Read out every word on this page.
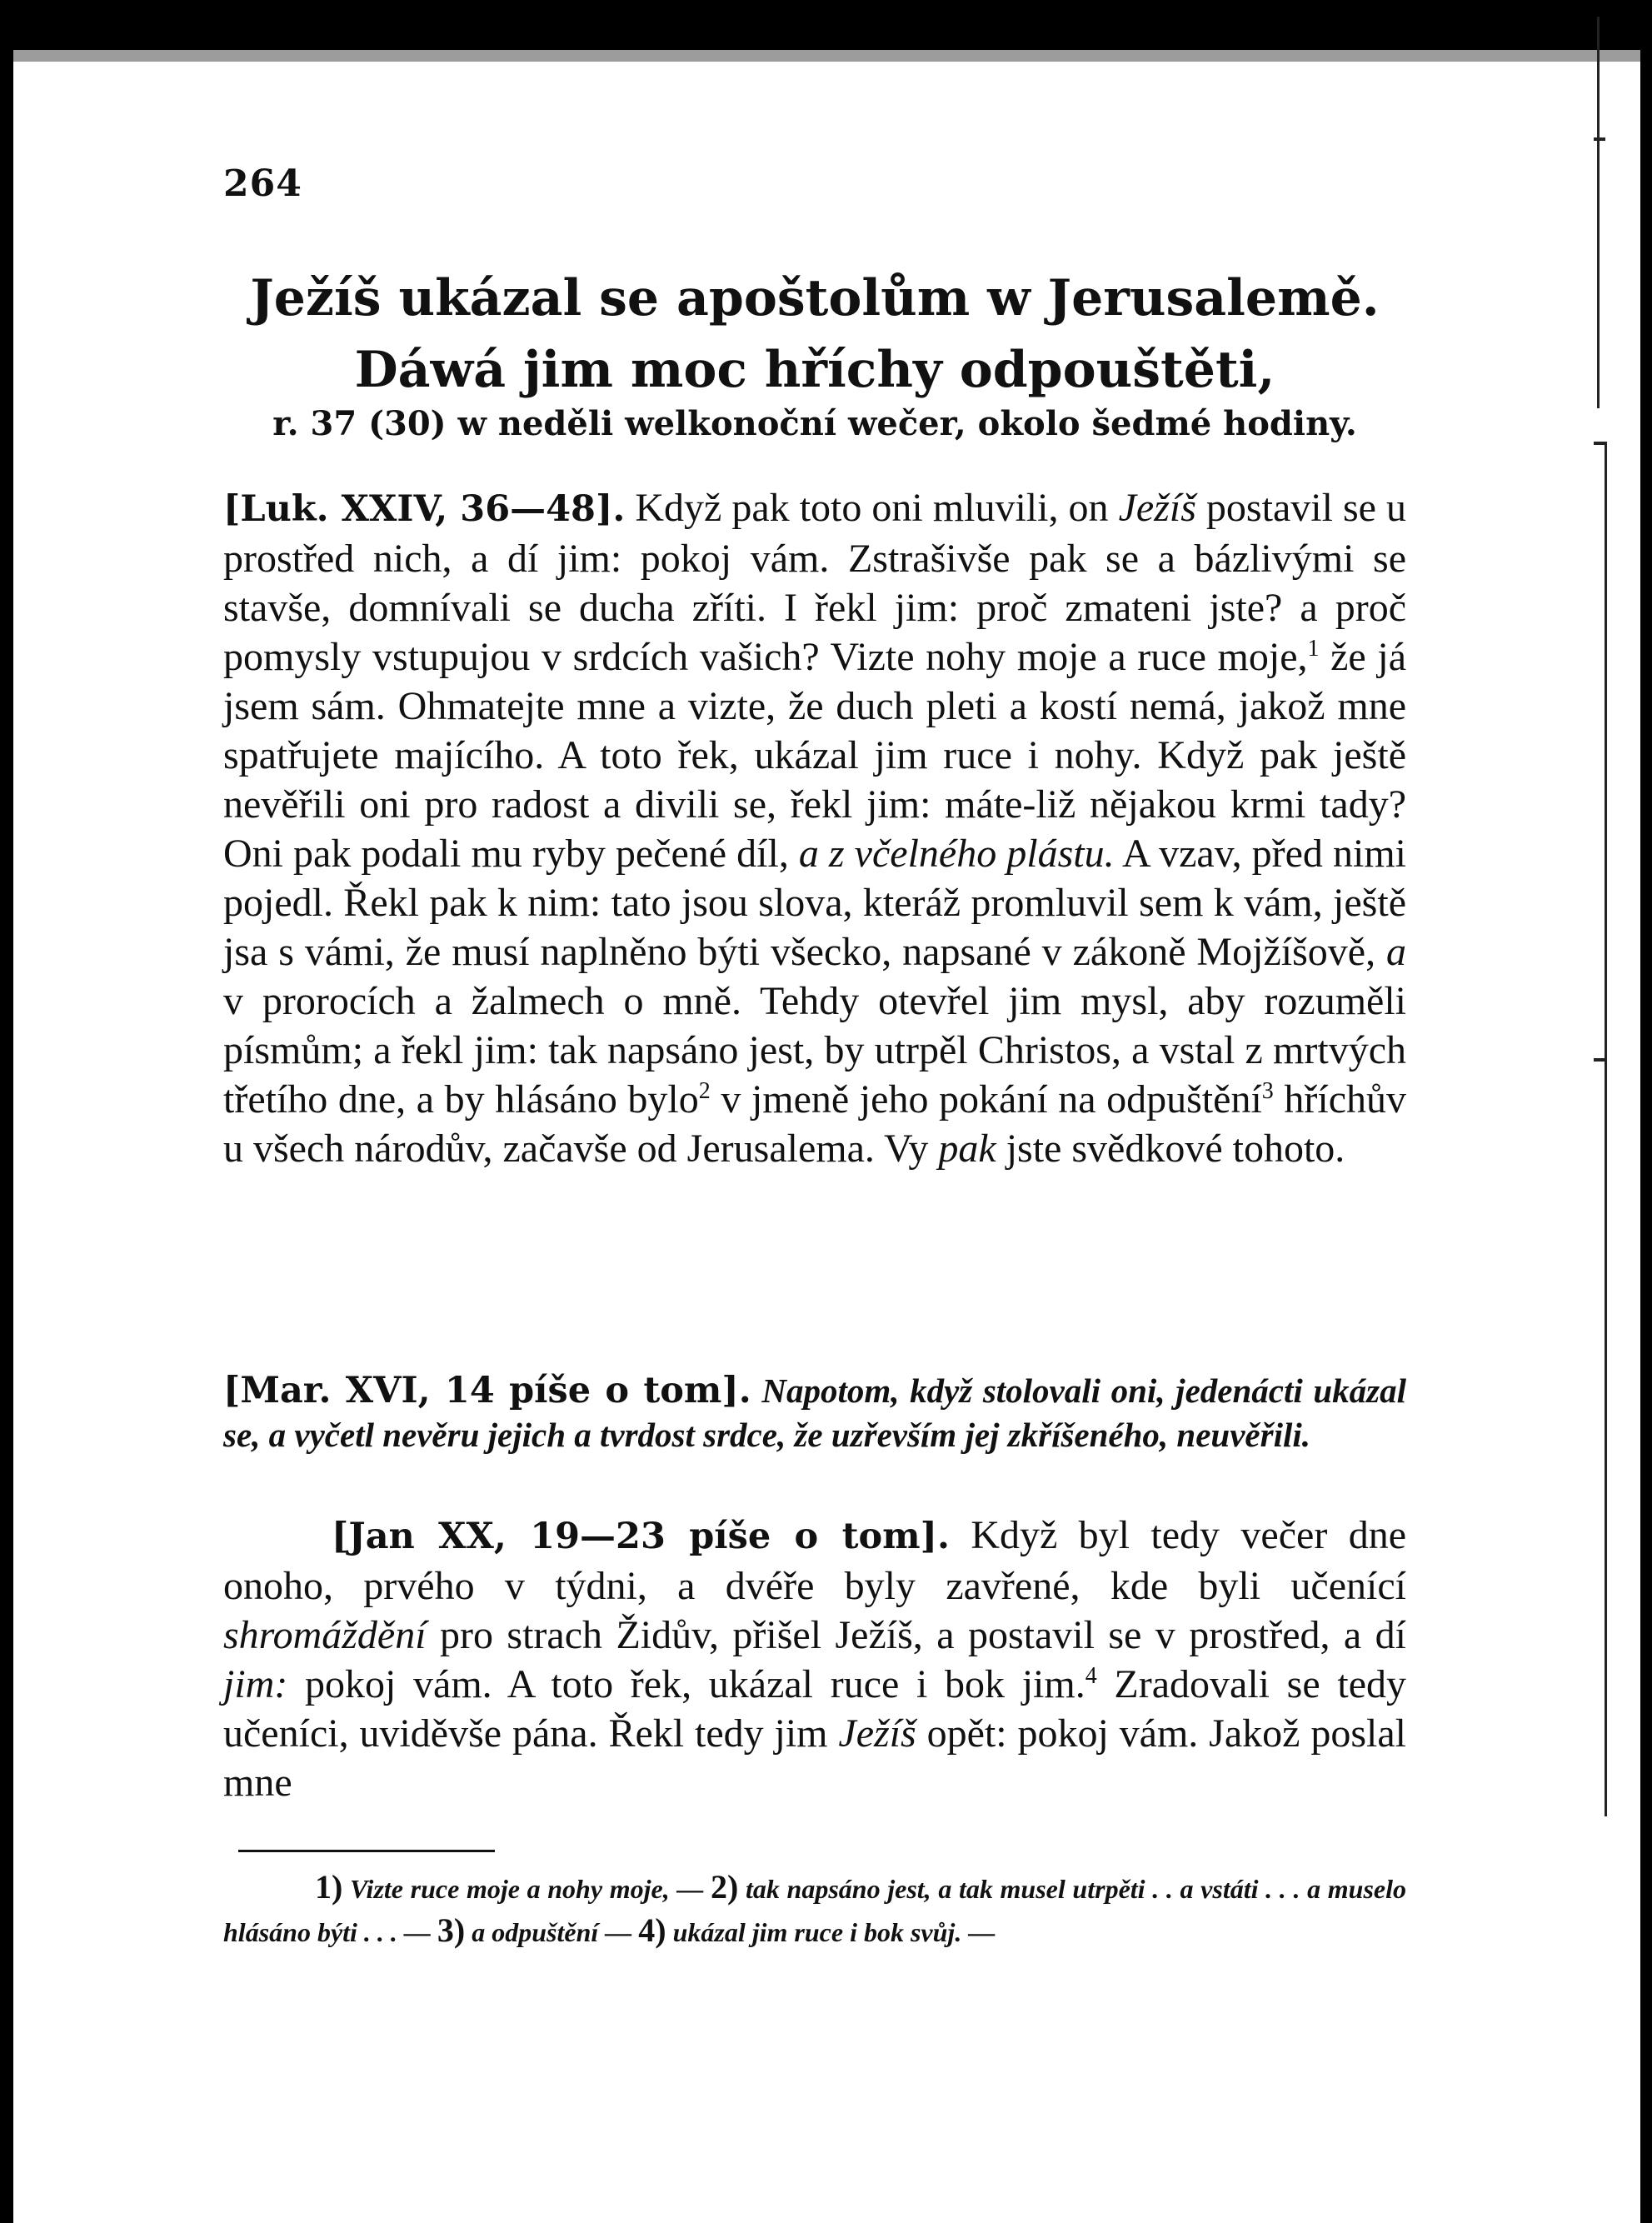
264
Ježíš ukázal se apoštolům w Jerusalemě. Dáwá jim moc hříchy odpouštěti,
r. 37 (30) w neděli welkonoční wečer, okolo šedmé hodiny.
[Luk. XXIV, 36—48]. Když pak toto oni mluvili, on Ježíš postavil se u prostřed nich, a dí jim: pokoj vám. Zstrašivše pak se a bázlivými se stavše, domnívali se ducha zříti. I řekl jim: proč zmateni jste? a proč pomysly vstupujou v srdcích vašich? Vizte nohy moje a ruce moje,$^1$ že já jsem sám. Ohmatejte mne a vizte, že duch pleti a kostí nemá, jakož mne spatřujete majícího. A toto řek, ukázal jim ruce i nohy. Když pak ještě nevěřili oni pro radost a divili se, řekl jim: máte-liž nějakou krmi tady? Oni pak podali mu ryby pečené díl, a z včelného plástu. A vzav, před nimi pojedl. Řekl pak k nim: tato jsou slova, kteráž promluvil sem k vám, ještě jsa s vámi, že musí naplněno býti všecko, napsané v zákoně Mojžíšově, a v prorocích a žalmech o mně. Tehdy otevřel jim mysl, aby rozuměli písmům; a řekl jim: tak napsáno jest, by utrpěl Christos, a vstal z mrtvých třetího dne, a by hlásáno bylo$^2$ v jmeně jeho pokání na odpuštění$^3$ hříchův u všech národův, začavše od Jerusalema. Vy pak jste svědkové tohoto.
[Mar. XVI, 14 píše o tom]. Napotom, když stolovali oni, jedenácti ukázal se, a vyčetl nevěru jejich a tvrdost srdce, že uzřevším jej zkříšeného, neuvěřili.
[Jan XX, 19—23 píše o tom]. Když byl tedy večer dne onoho, prvého v týdni, a dvéře byly zavřené, kde byli učenící shromáždění pro strach Židův, přišel Ježíš, a postavil se v prostřed, a dí jim: pokoj vám. A toto řek, ukázal ruce i bok jim.$^4$ Zradovali se tedy učeníci, uviděvše pána. Řekl tedy jim Ježíš opět: pokoj vám. Jakož poslal mne
1) Vizte ruce moje a nohy moje, — 2) tak napsáno jest, a tak musel utrpěti . . a vstáti . . . a muselo hlásáno býti . . . — 3) a odpuštění — 4) ukázal jim ruce i bok svůj. —
